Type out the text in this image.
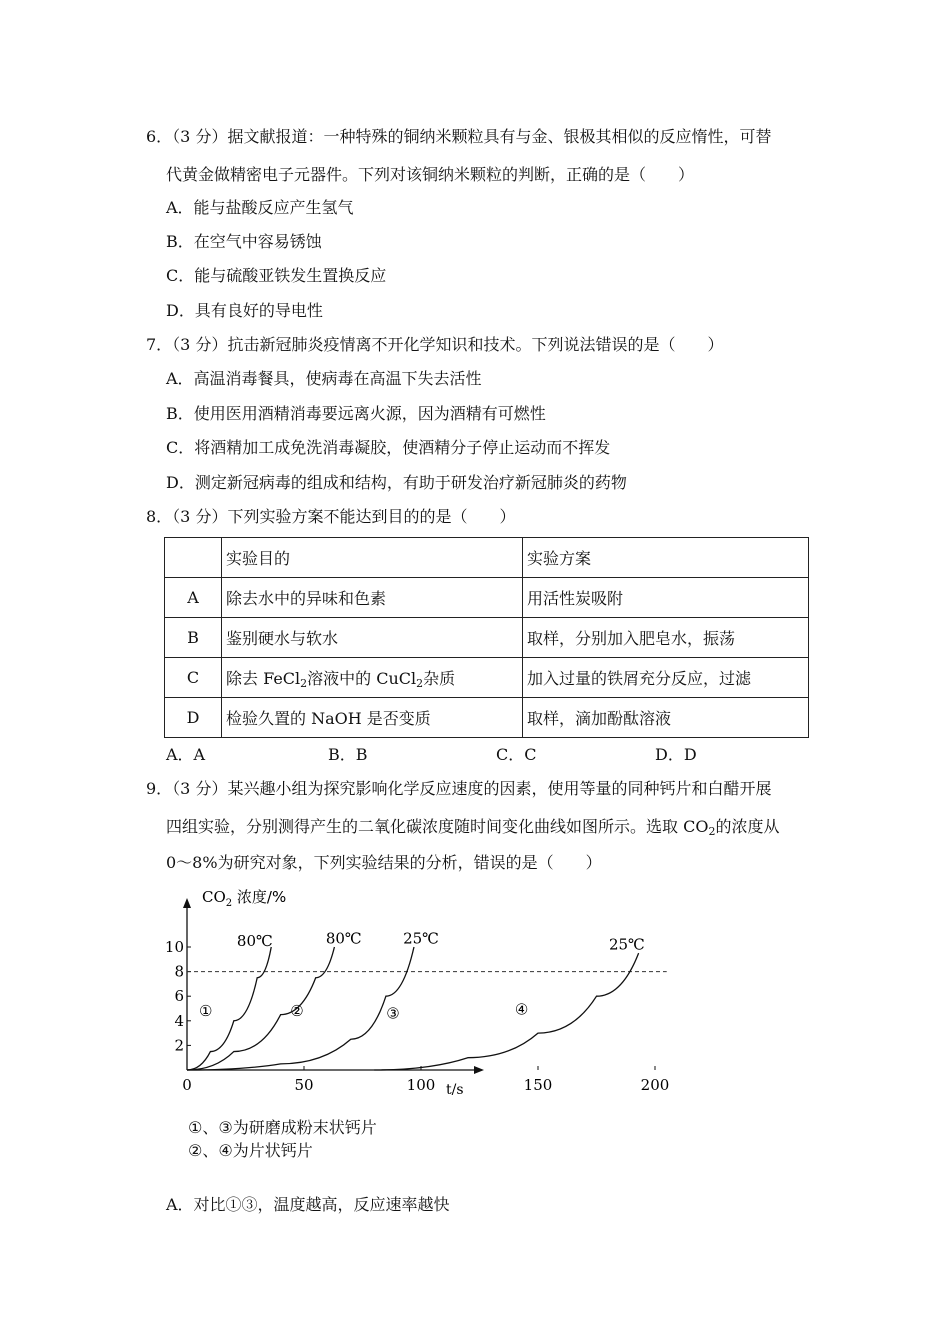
6．（3 分）据文献报道：一种特殊的铜纳米颗粒具有与金、银极其相似的反应惰性，可替
代黄金做精密电子元器件。下列对该铜纳米颗粒的判断，正确的是（　　）
A．能与盐酸反应产生氢气
B．在空气中容易锈蚀
C．能与硫酸亚铁发生置换反应
D．具有良好的导电性
7．（3 分）抗击新冠肺炎疫情离不开化学知识和技术。下列说法错误的是（　　）
A．高温消毒餐具，使病毒在高温下失去活性
B．使用医用酒精消毒要远离火源，因为酒精有可燃性
C．将酒精加工成免洗消毒凝胶，使酒精分子停止运动而不挥发
D．测定新冠病毒的组成和结构，有助于研发治疗新冠肺炎的药物
8．（3 分）下列实验方案不能达到目的的是（　　）
	实验目的	实验方案
A	除去水中的异味和色素	用活性炭吸附
B	鉴别硬水与软水	取样，分别加入肥皂水，振荡
C	除去 FeCl$_2$溶液中的 CuCl$_2$杂质	加入过量的铁屑充分反应，过滤
D	检验久置的 NaOH 是否变质	取样，滴加酚酞溶液
A．A	B．B	C．C	D．D
9．（3 分）某兴趣小组为探究影响化学反应速度的因素，使用等量的同种钙片和白醋开展
四组实验，分别测得产生的二氧化碳浓度随时间变化曲线如图所示。选取 $CO_2$的浓度从
0～8%为研究对象，下列实验结果的分析，错误的是（　　）
$CO_2$ 浓度/%
t/s
0	50	100	150	200
2
4
6
8
10
①
80℃
②
80℃
③
25℃
④
25℃
①、③为研磨成粉末状钙片
②、④为片状钙片
A．对比①③，温度越高，反应速率越快
